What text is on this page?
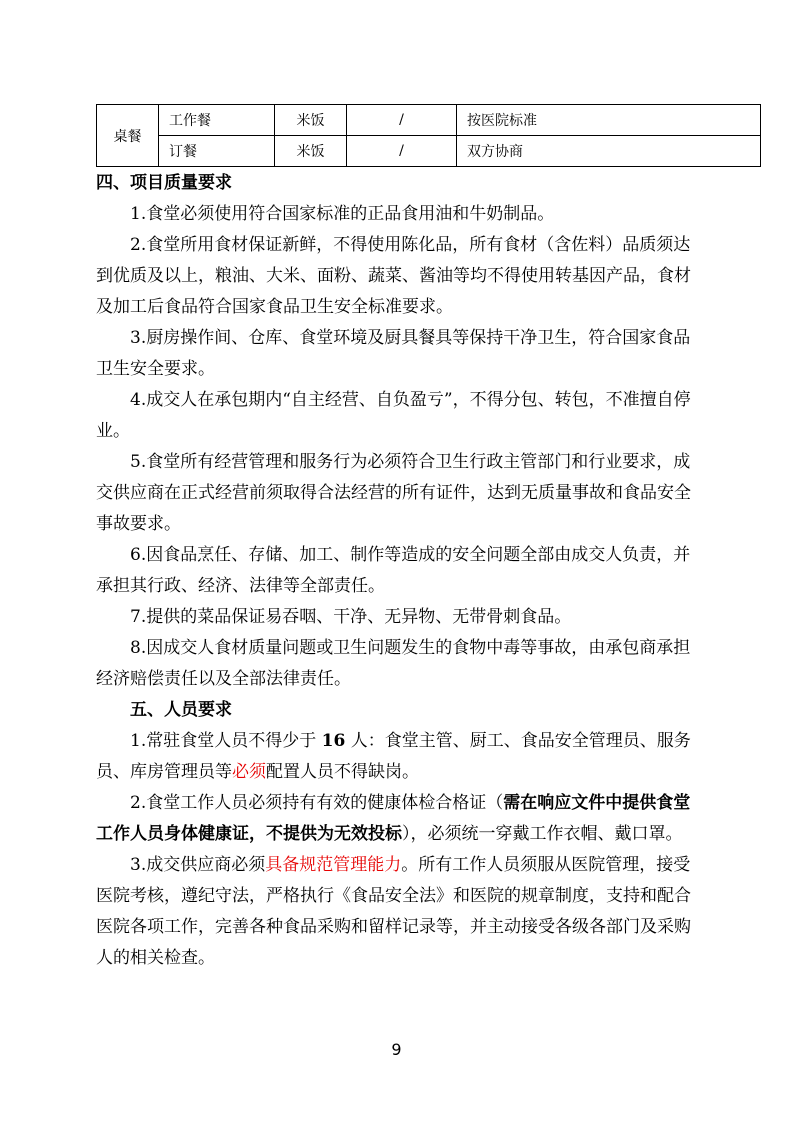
桌餐	工作餐	米饭	/	按医院标准
	订餐	米饭	/	双方协商

四、项目质量要求

1.食堂必须使用符合国家标准的正品食用油和牛奶制品。

2.食堂所用食材保证新鲜，不得使用陈化品，所有食材（含佐料）品质须达到优质及以上，粮油、大米、面粉、蔬菜、酱油等均不得使用转基因产品，食材及加工后食品符合国家食品卫生安全标准要求。

3.厨房操作间、仓库、食堂环境及厨具餐具等保持干净卫生，符合国家食品卫生安全要求。

4.成交人在承包期内“自主经营、自负盈亏”，不得分包、转包，不准擅自停业。

5.食堂所有经营管理和服务行为必须符合卫生行政主管部门和行业要求，成交供应商在正式经营前须取得合法经营的所有证件，达到无质量事故和食品安全事故要求。

6.因食品烹任、存储、加工、制作等造成的安全问题全部由成交人负责，并承担其行政、经济、法律等全部责任。

7.提供的菜品保证易吞咽、干净、无异物、无带骨刺食品。

8.因成交人食材质量问题或卫生问题发生的食物中毒等事故，由承包商承担经济赔偿责任以及全部法律责任。

五、人员要求

1.常驻食堂人员不得少于 16 人：食堂主管、厨工、食品安全管理员、服务员、库房管理员等必须配置人员不得缺岗。

2.食堂工作人员必须持有有效的健康体检合格证（需在响应文件中提供食堂工作人员身体健康证，不提供为无效投标），必须统一穿戴工作衣帽、戴口罩。

3.成交供应商必须具备规范管理能力。所有工作人员须服从医院管理，接受医院考核，遵纪守法，严格执行《食品安全法》和医院的规章制度，支持和配合医院各项工作，完善各种食品采购和留样记录等，并主动接受各级各部门及采购人的相关检查。

9
